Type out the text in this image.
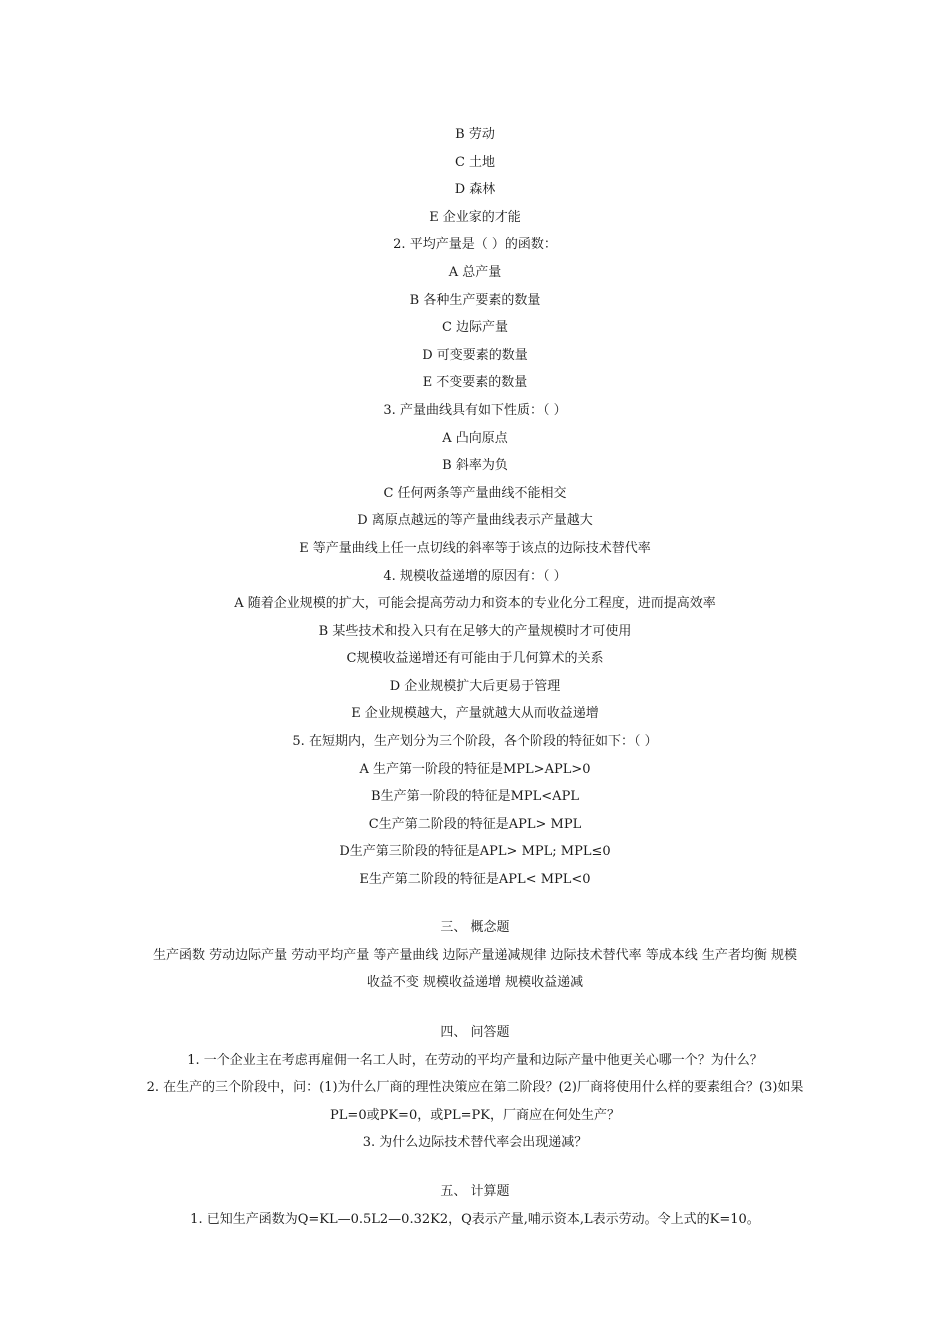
B 劳动
C 土地
D 森林
E 企业家的才能
2. 平均产量是（ ）的函数：
A 总产量
B 各种生产要素的数量
C 边际产量
D 可变要素的数量
E 不变要素的数量
3. 产量曲线具有如下性质：（ ）
A 凸向原点
B 斜率为负
C 任何两条等产量曲线不能相交
D 离原点越远的等产量曲线表示产量越大
E 等产量曲线上任一点切线的斜率等于该点的边际技术替代率
4. 规模收益递增的原因有：（ ）
A 随着企业规模的扩大，可能会提高劳动力和资本的专业化分工程度，进而提高效率
B 某些技术和投入只有在足够大的产量规模时才可使用
C规模收益递增还有可能由于几何算术的关系
D 企业规模扩大后更易于管理
E 企业规模越大，产量就越大从而收益递增
5. 在短期内，生产划分为三个阶段，各个阶段的特征如下：（ ）
A 生产第一阶段的特征是MPL>APL>0
B生产第一阶段的特征是MPL<APL
C生产第二阶段的特征是APL> MPL
D生产第三阶段的特征是APL> MPL; MPL≤0
E生产第二阶段的特征是APL< MPL<0
三、 概念题
生产函数 劳动边际产量 劳动平均产量 等产量曲线 边际产量递减规律 边际技术替代率 等成本线 生产者均衡 规模
收益不变 规模收益递增 规模收益递减
四、 问答题
1. 一个企业主在考虑再雇佣一名工人时，在劳动的平均产量和边际产量中他更关心哪一个？为什么？
2. 在生产的三个阶段中，问：(1)为什么厂商的理性决策应在第二阶段？(2)厂商将使用什么样的要素组合？(3)如果
PL=0或PK=0，或PL=PK，厂商应在何处生产？
3. 为什么边际技术替代率会出现递减？
五、 计算题
1. 已知生产函数为Q=KL—0.5L2—0.32K2，Q表示产量,哺示资本,L表示劳动。令上式的K=10。
